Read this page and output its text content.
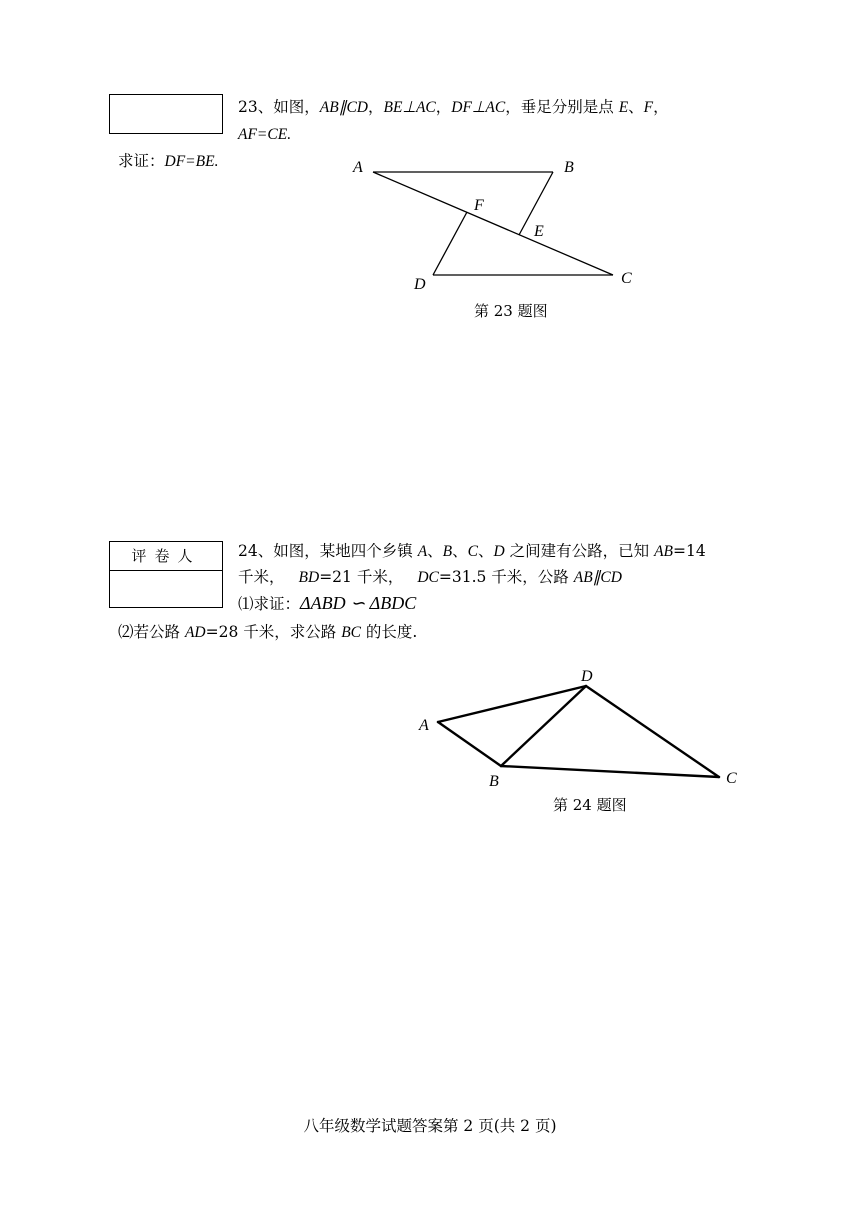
23、如图，AB∥CD，BE⊥AC，DF⊥AC，垂足分别是点 E、F，
AF=CE.
求证：DF=BE.	A	B
F
E
D	C
第 23 题图
评卷人	24、如图，某地四个乡镇 A、B、C、D 之间建有公路，已知 AB=14
千米， BD=21 千米， DC=31.5 千米，公路 AB∥CD
⑴求证：ΔABD ∽ ΔBDC
⑵若公路 AD=28 千米，求公路 BC 的长度.
D
A
B	C
第 24 题图
八年级数学试题答案第 2 页(共 2 页)
